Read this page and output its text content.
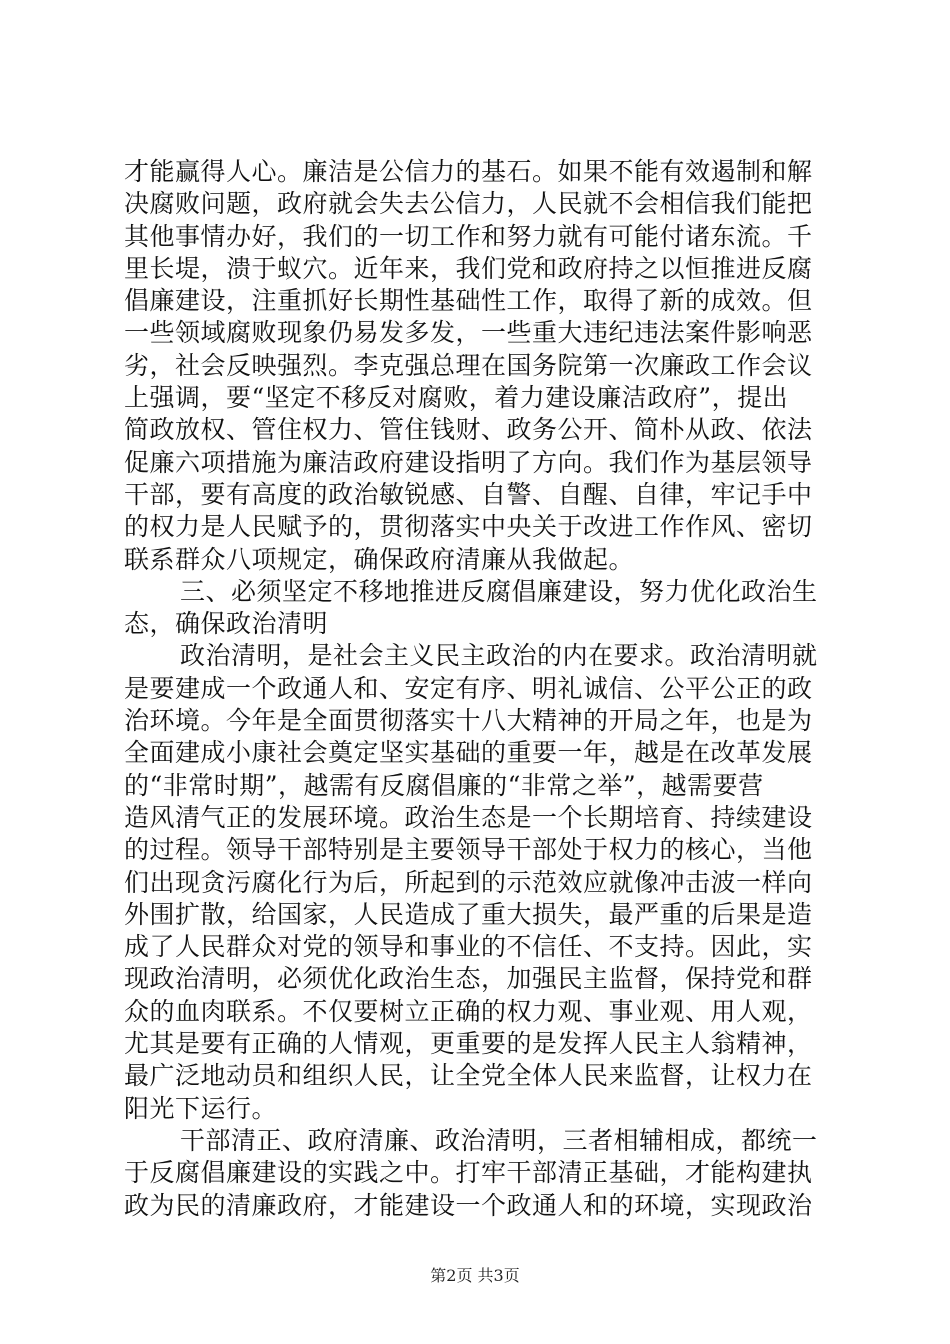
才能赢得人心。廉洁是公信力的基石。如果不能有效遏制和解
决腐败问题，政府就会失去公信力，人民就不会相信我们能把
其他事情办好，我们的一切工作和努力就有可能付诸东流。千
里长堤，溃于蚁穴。近年来，我们党和政府持之以恒推进反腐
倡廉建设，注重抓好长期性基础性工作，取得了新的成效。但
一些领域腐败现象仍易发多发，一些重大违纪违法案件影响恶
劣，社会反映强烈。李克强总理在国务院第一次廉政工作会议
上强调，要“坚定不移反对腐败，着力建设廉洁政府”，提出
简政放权、管住权力、管住钱财、政务公开、简朴从政、依法
促廉六项措施为廉洁政府建设指明了方向。我们作为基层领导
干部，要有高度的政治敏锐感、自警、自醒、自律，牢记手中
的权力是人民赋予的，贯彻落实中央关于改进工作作风、密切
联系群众八项规定，确保政府清廉从我做起。
三、必须坚定不移地推进反腐倡廉建设，努力优化政治生
态，确保政治清明
政治清明，是社会主义民主政治的内在要求。政治清明就
是要建成一个政通人和、安定有序、明礼诚信、公平公正的政
治环境。今年是全面贯彻落实十八大精神的开局之年，也是为
全面建成小康社会奠定坚实基础的重要一年，越是在改革发展
的“非常时期”，越需有反腐倡廉的“非常之举”，越需要营
造风清气正的发展环境。政治生态是一个长期培育、持续建设
的过程。领导干部特别是主要领导干部处于权力的核心，当他
们出现贪污腐化行为后，所起到的示范效应就像冲击波一样向
外围扩散，给国家，人民造成了重大损失，最严重的后果是造
成了人民群众对党的领导和事业的不信任、不支持。因此，实
现政治清明，必须优化政治生态，加强民主监督，保持党和群
众的血肉联系。不仅要树立正确的权力观、事业观、用人观，
尤其是要有正确的人情观，更重要的是发挥人民主人翁精神，
最广泛地动员和组织人民，让全党全体人民来监督，让权力在
阳光下运行。
干部清正、政府清廉、政治清明，三者相辅相成，都统一
于反腐倡廉建设的实践之中。打牢干部清正基础，才能构建执
政为民的清廉政府，才能建设一个政通人和的环境，实现政治
第2页 共3页
